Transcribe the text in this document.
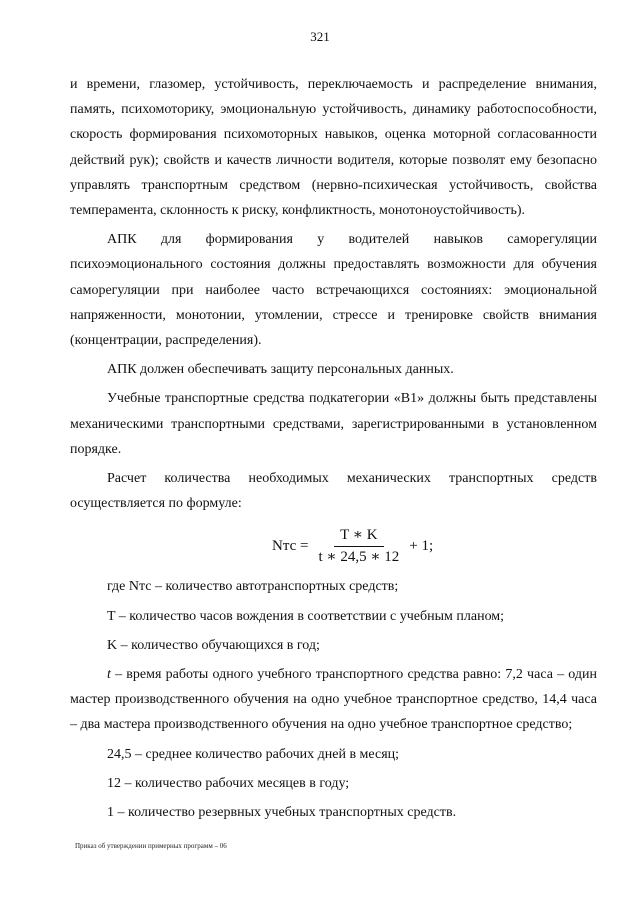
321

и времени, глазомер, устойчивость, переключаемость и распределение внимания, память, психомоторику, эмоциональную устойчивость, динамику работоспособности, скорость формирования психомоторных навыков, оценка моторной согласованности действий рук); свойств и качеств личности водителя, которые позволят ему безопасно управлять транспортным средством (нервно-психическая устойчивость, свойства темперамента, склонность к риску, конфликтность, монотоноустойчивость).

АПК для формирования у водителей навыков саморегуляции психоэмоционального состояния должны предоставлять возможности для обучения саморегуляции при наиболее часто встречающихся состояниях: эмоциональной напряженности, монотонии, утомлении, стрессе и тренировке свойств внимания (концентрации, распределения).

АПК должен обеспечивать защиту персональных данных.

Учебные транспортные средства подкатегории «В1» должны быть представлены механическими транспортными средствами, зарегистрированными в установленном порядке.

Расчет количества необходимых механических транспортных средств осуществляется по формуле:

Nтс = $\frac{T ∗ K}{t ∗ 24,5 ∗ 12} + 1$;

где Nтс – количество автотранспортных средств;

T – количество часов вождения в соответствии с учебным планом;

K – количество обучающихся в год;

t – время работы одного учебного транспортного средства равно: 7,2 часа – один мастер производственного обучения на одно учебное транспортное средство, 14,4 часа – два мастера производственного обучения на одно учебное транспортное средство;

24,5 – среднее количество рабочих дней в месяц;

12 – количество рабочих месяцев в году;

1 – количество резервных учебных транспортных средств.

Приказ об утверждении примерных программ – 06
